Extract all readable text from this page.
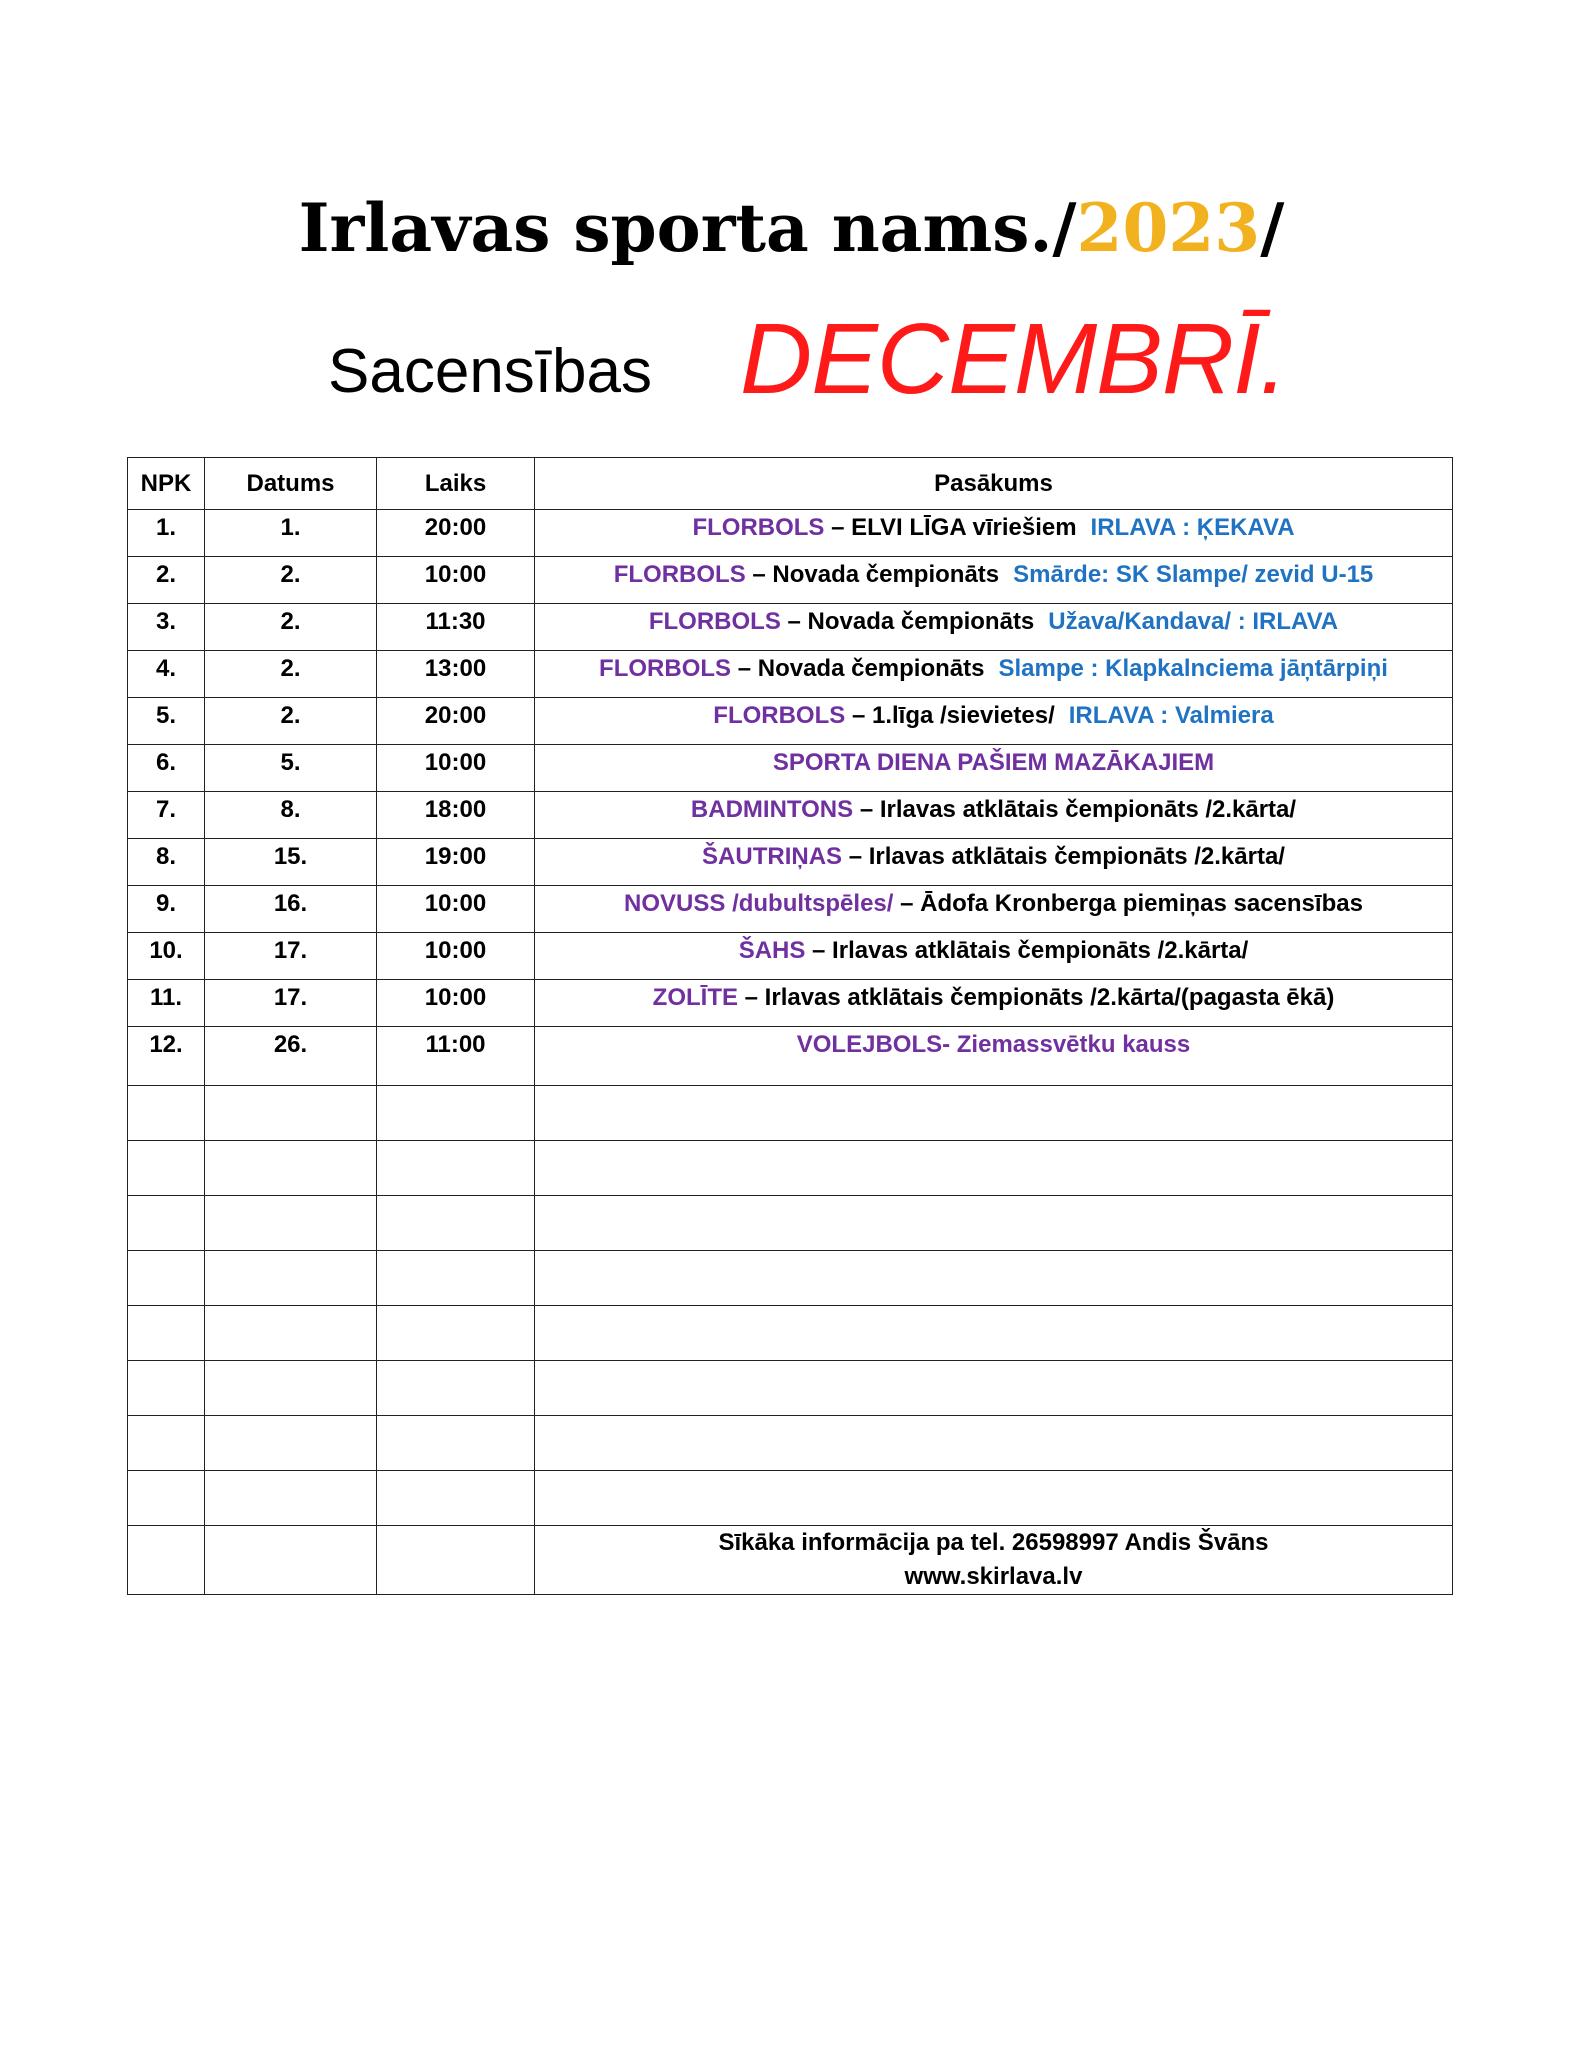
Irlavas sporta nams./2023/
Sacensības DECEMBRĪ.
NPK	Datums	Laiks	Pasākums
1.	1.	20:00	FLORBOLS – ELVI LĪGA vīriešiem IRLAVA : ĶEKAVA
2.	2.	10:00	FLORBOLS – Novada čempionāts Smārde: SK Slampe/ zevid U-15
3.	2.	11:30	FLORBOLS – Novada čempionāts Užava/Kandava/ : IRLAVA
4.	2.	13:00	FLORBOLS – Novada čempionāts Slampe : Klapkalnciema jāņtārpiņi
5.	2.	20:00	FLORBOLS – 1.līga /sievietes/ IRLAVA : Valmiera
6.	5.	10:00	SPORTA DIENA PAŠIEM MAZĀKAJIEM
7.	8.	18:00	BADMINTONS – Irlavas atklātais čempionāts /2.kārta/
8.	15.	19:00	ŠAUTRIŅAS – Irlavas atklātais čempionāts /2.kārta/
9.	16.	10:00	NOVUSS /dubultspēles/ – Ādofa Kronberga piemiņas sacensības
10.	17.	10:00	ŠAHS – Irlavas atklātais čempionāts /2.kārta/
11.	17.	10:00	ZOLĪTE – Irlavas atklātais čempionāts /2.kārta/(pagasta ēkā)
12.	26.	11:00	VOLEJBOLS- Ziemassvētku kauss

			Sīkāka informācija pa tel. 26598997 Andis Švāns
www.skirlava.lv
